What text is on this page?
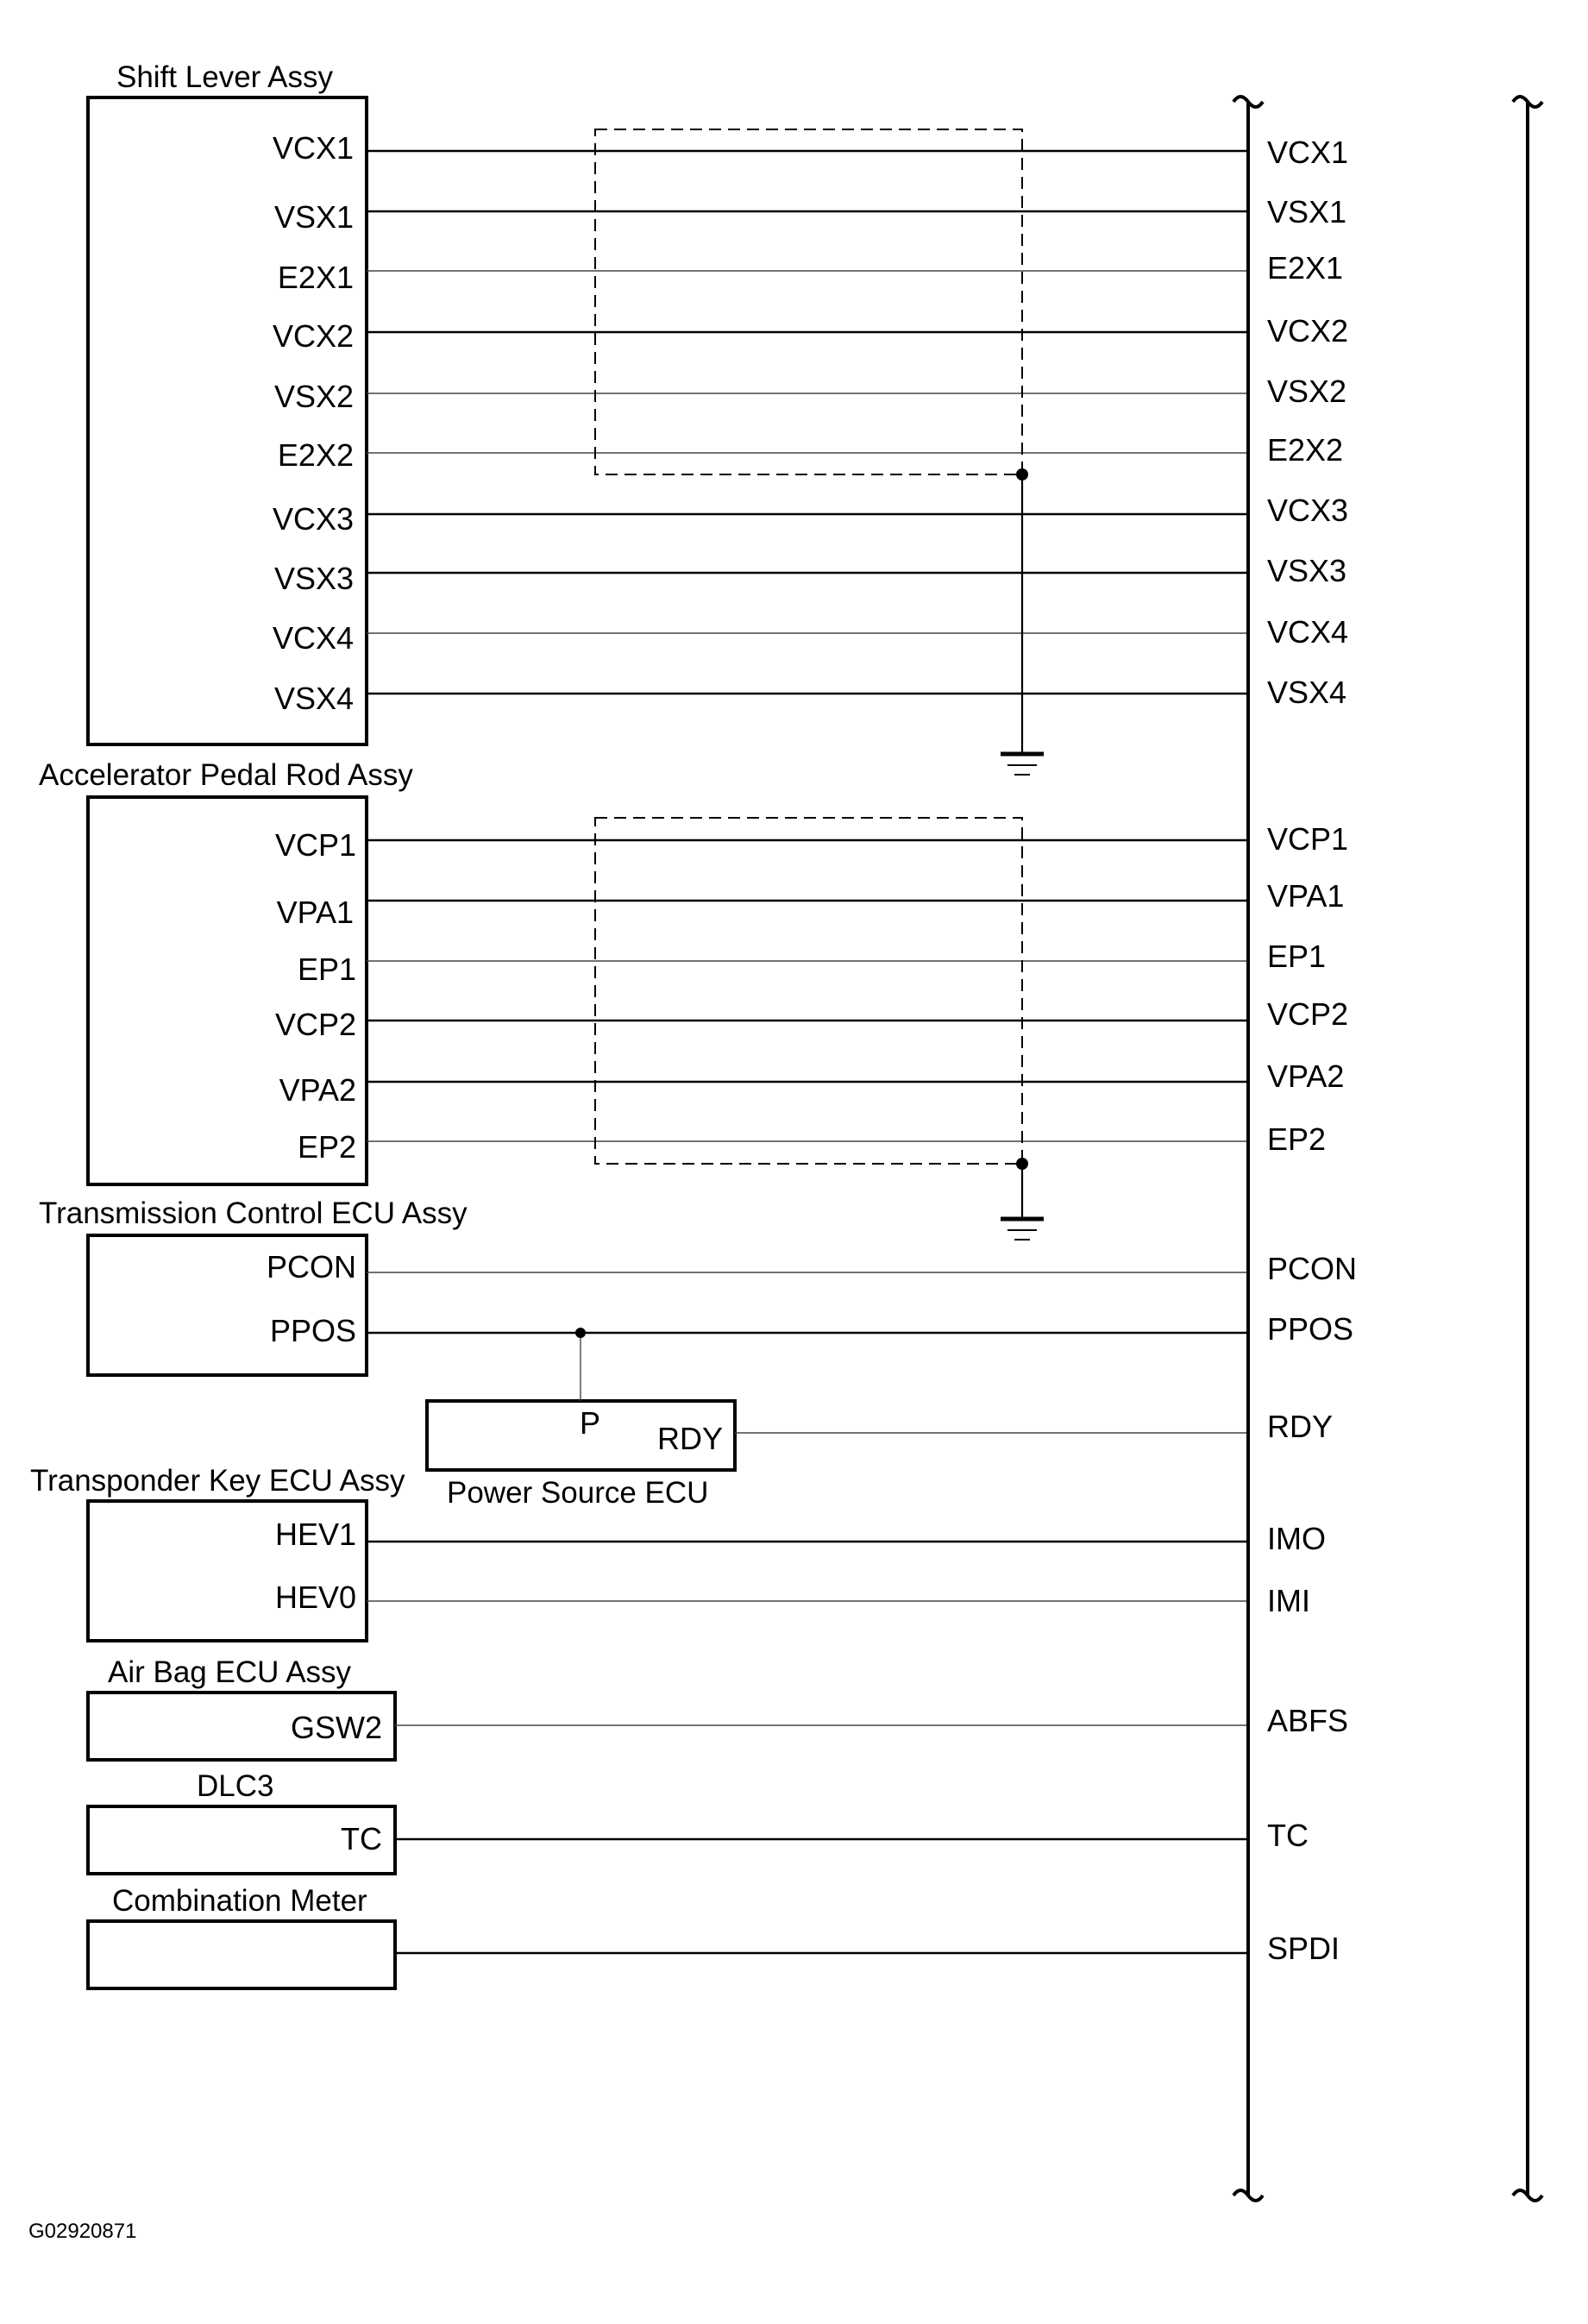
Shift Lever Assy
Accelerator Pedal Rod Assy
Transmission Control ECU Assy
Power Source ECU
Transponder Key ECU Assy
Air Bag ECU Assy
DLC3
Combination Meter
VCX1
VSX1
E2X1
VCX2
VSX2
E2X2
VCX3
VSX3
VCX4
VSX4
VCP1
VPA1
EP1
VCP2
VPA2
EP2
PCON
PPOS
P RDY
HEV1
HEV0
GSW2
TC
VCX1
VSX1
E2X1
VCX2
VSX2
E2X2
VCX3
VSX3
VCX4
VSX4
VCP1
VPA1
EP1
VCP2
VPA2
EP2
PCON
PPOS
RDY
IMO
IMI
ABFS
TC
SPDI
G02920871
